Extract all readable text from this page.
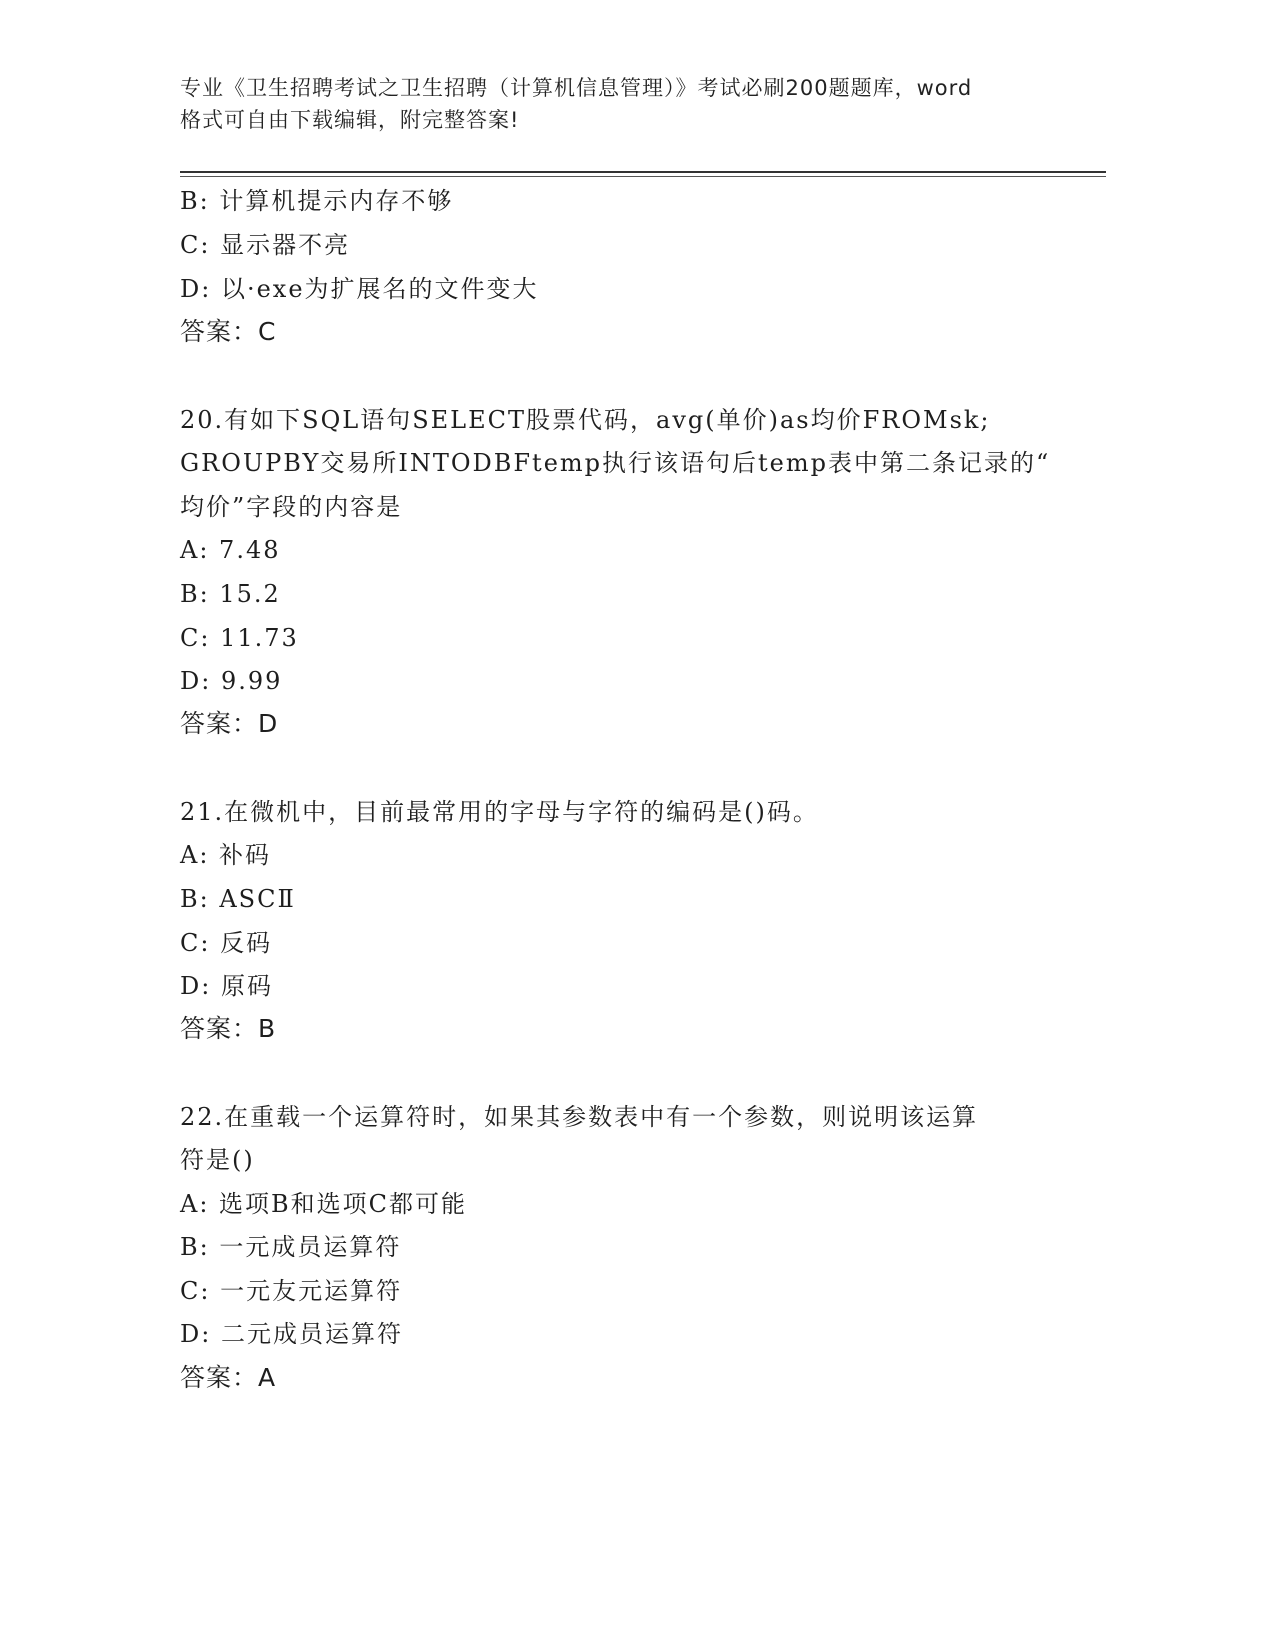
专业《卫生招聘考试之卫生招聘（计算机信息管理）》考试必刷200题题库，word

格式可自由下载编辑，附完整答案!

B: 计算机提示内存不够
C: 显示器不亮
D: 以·exe为扩展名的文件变大
答案：C
20.有如下SQL语句SELECT股票代码，avg(单价)as均价FROMsk;
GROUPBY交易所INTODBFtemp执行该语句后temp表中第二条记录的“
均价”字段的内容是
A: 7.48
B: 15.2
C: 11.73
D: 9.99
答案：D
21.在微机中，目前最常用的字母与字符的编码是()码。
A: 补码
B: ASCⅡ
C: 反码
D: 原码
答案：B
22.在重载一个运算符时，如果其参数表中有一个参数，则说明该运算
符是()
A: 选项B和选项C都可能
B: 一元成员运算符
C: 一元友元运算符
D: 二元成员运算符
答案：A
